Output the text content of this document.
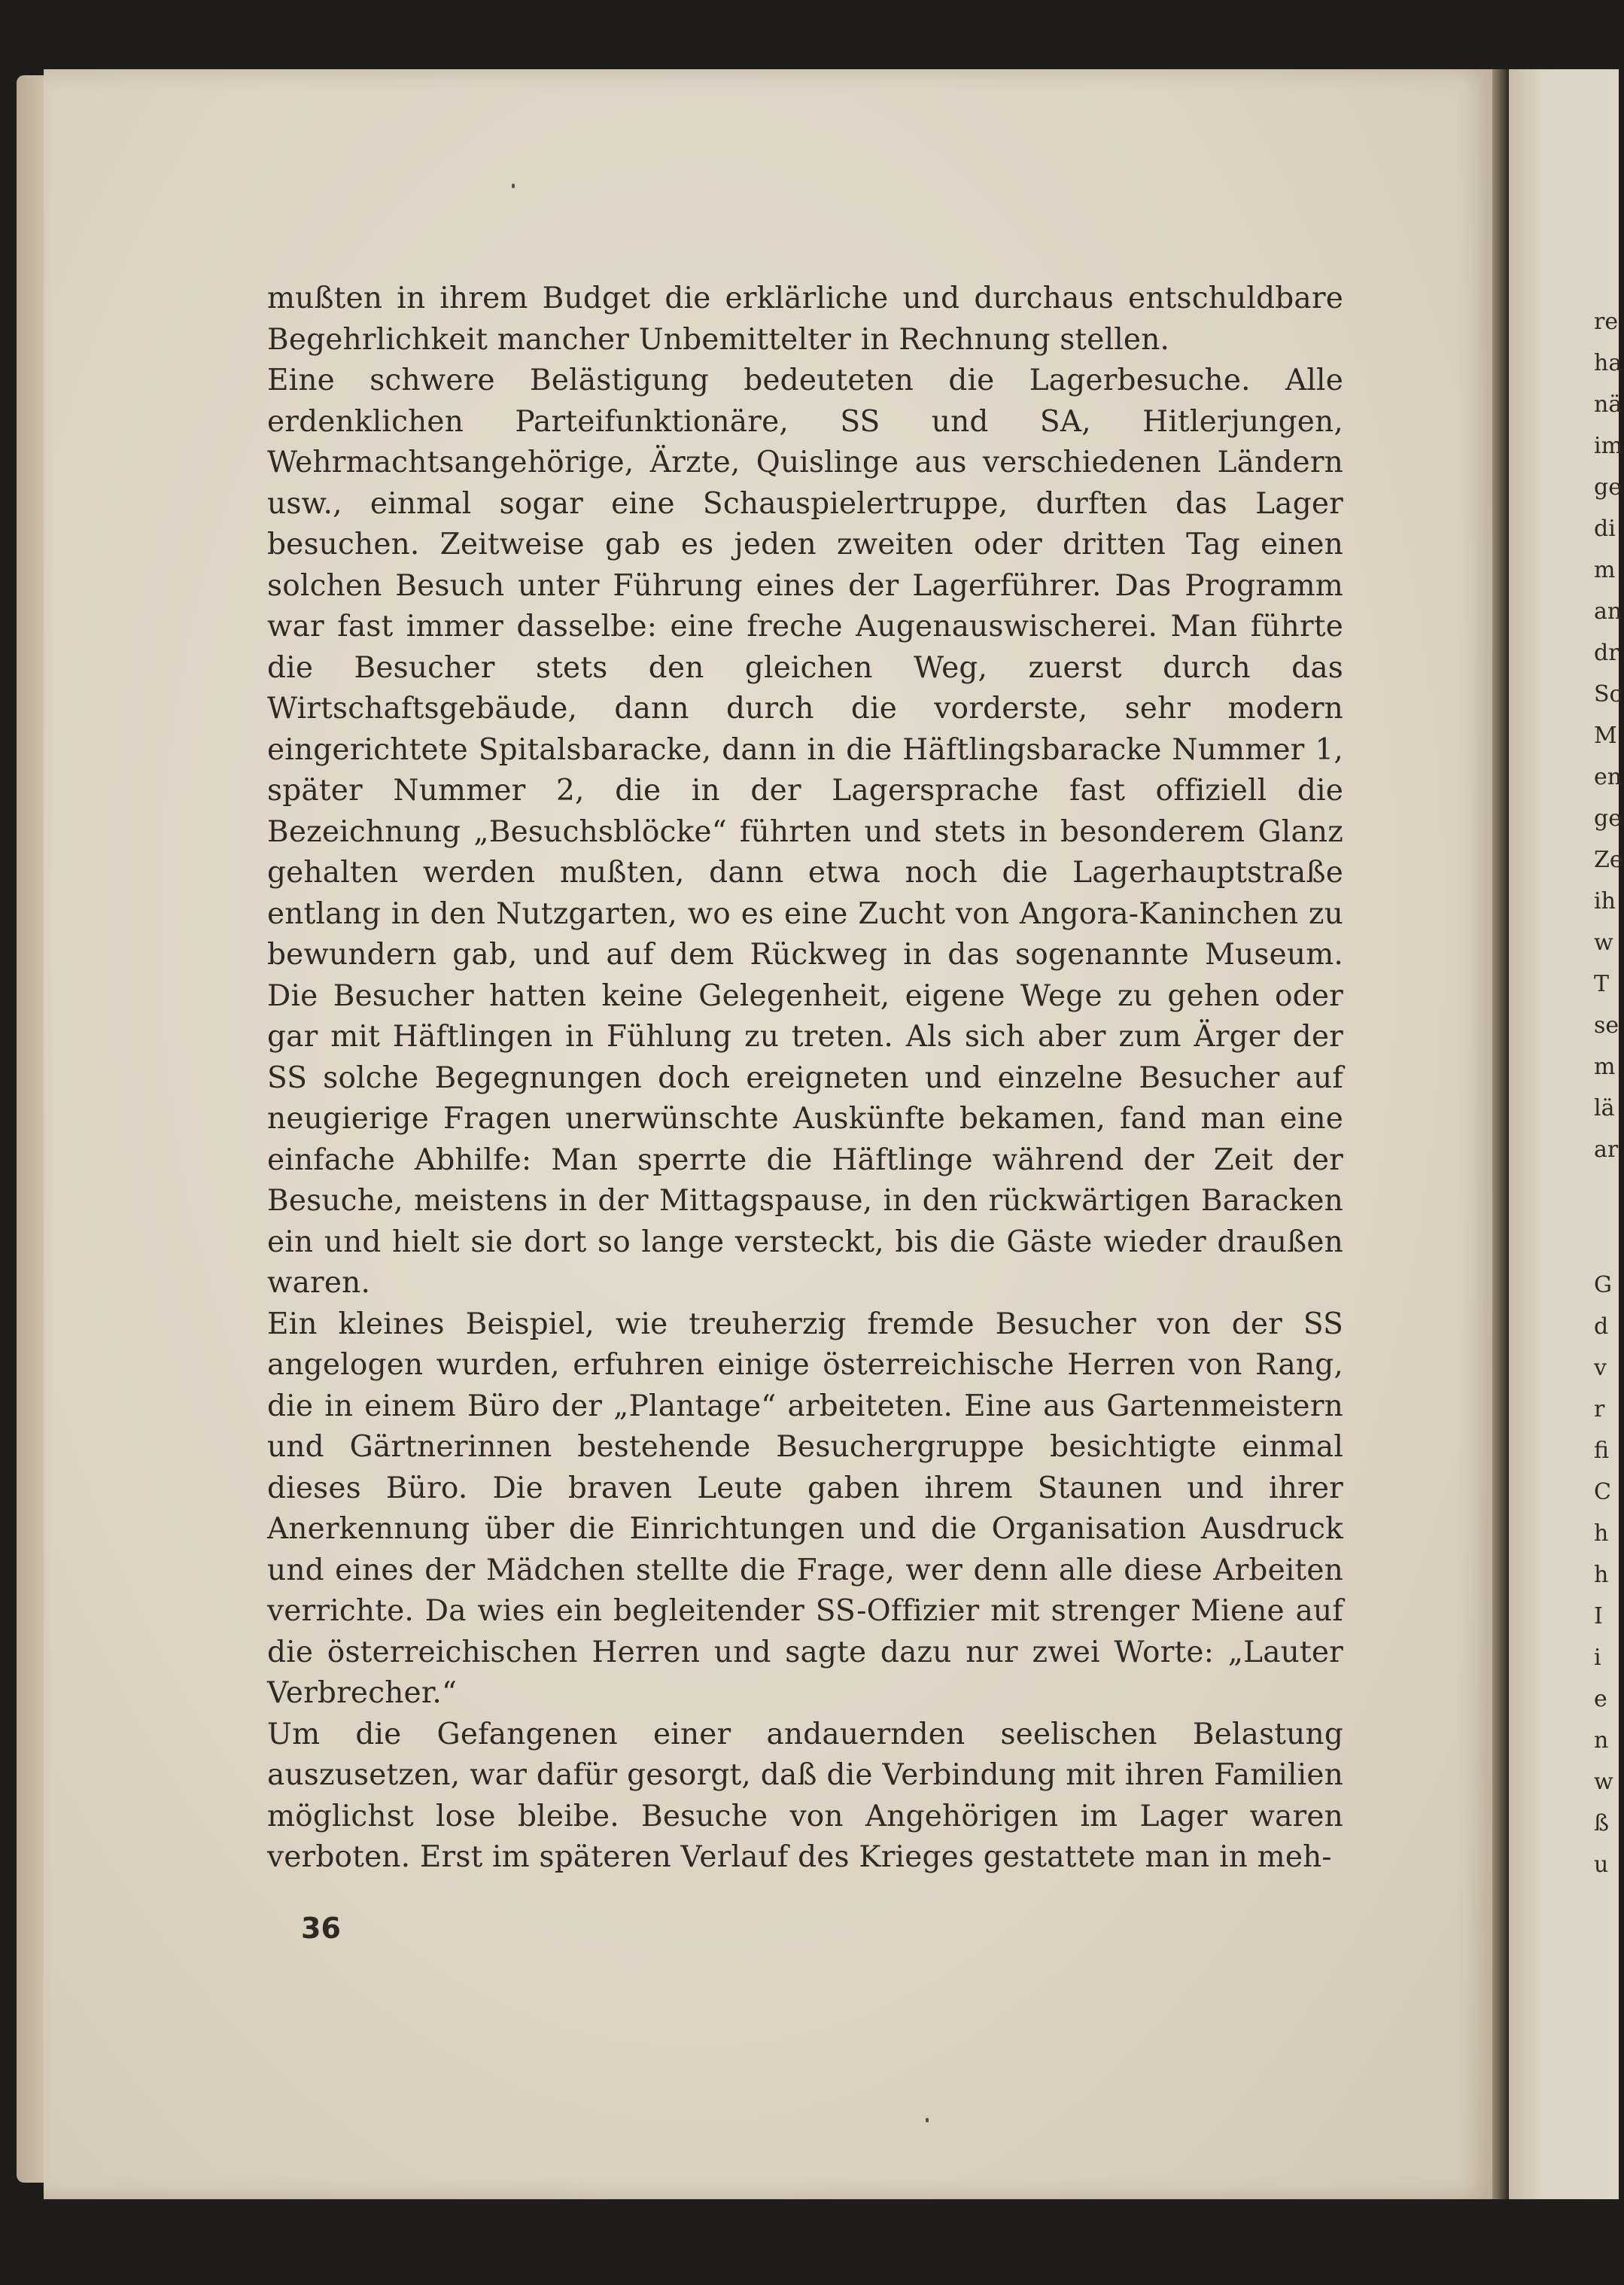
mußten in ihrem Budget die erklärliche und durchaus entschuldbare Begehrlichkeit mancher Unbemittelter in Rechnung stellen.

Eine schwere Belästigung bedeuteten die Lagerbesuche. Alle erdenklichen Parteifunktionäre, SS und SA, Hitlerjungen, Wehrmachtsangehörige, Ärzte, Quislinge aus verschiedenen Ländern usw., einmal sogar eine Schauspielertruppe, durften das Lager besuchen. Zeitweise gab es jeden zweiten oder dritten Tag einen solchen Besuch unter Führung eines der Lagerführer. Das Programm war fast immer dasselbe: eine freche Augenauswischerei. Man führte die Besucher stets den gleichen Weg, zuerst durch das Wirtschaftsgebäude, dann durch die vorderste, sehr modern eingerichtete Spitalsbaracke, dann in die Häftlingsbaracke Nummer 1, später Nummer 2, die in der Lagersprache fast offiziell die Bezeichnung „Besuchsblöcke“ führten und stets in besonderem Glanz gehalten werden mußten, dann etwa noch die Lagerhauptstraße entlang in den Nutzgarten, wo es eine Zucht von Angora-Kaninchen zu bewundern gab, und auf dem Rückweg in das sogenannte Museum. Die Besucher hatten keine Gelegenheit, eigene Wege zu gehen oder gar mit Häftlingen in Fühlung zu treten. Als sich aber zum Ärger der SS solche Begegnungen doch ereigneten und einzelne Besucher auf neugierige Fragen unerwünschte Auskünfte bekamen, fand man eine einfache Abhilfe: Man sperrte die Häftlinge während der Zeit der Besuche, meistens in der Mittagspause, in den rückwärtigen Baracken ein und hielt sie dort so lange versteckt, bis die Gäste wieder draußen waren.

Ein kleines Beispiel, wie treuherzig fremde Besucher von der SS angelogen wurden, erfuhren einige österreichische Herren von Rang, die in einem Büro der „Plantage“ arbeiteten. Eine aus Gartenmeistern und Gärtnerinnen bestehende Besuchergruppe besichtigte einmal dieses Büro. Die braven Leute gaben ihrem Staunen und ihrer Anerkennung über die Einrichtungen und die Organisation Ausdruck und eines der Mädchen stellte die Frage, wer denn alle diese Arbeiten verrichte. Da wies ein begleitender SS-Offizier mit strenger Miene auf die österreichischen Herren und sagte dazu nur zwei Worte: „Lauter Verbrecher.“

Um die Gefangenen einer andauernden seelischen Belastung auszusetzen, war dafür gesorgt, daß die Verbindung mit ihren Familien möglichst lose bleibe. Besuche von Angehörigen im Lager waren verboten. Erst im späteren Verlauf des Krieges gestattete man in meh-

36
re
ha
nä
im
ge
di
m
an
dr
Sc
M
en
ge
Ze
ih
w
T
se
m
lä
ar
G
d
v
r
fi
C
h
h
I
i
e
n
w
ß
u
